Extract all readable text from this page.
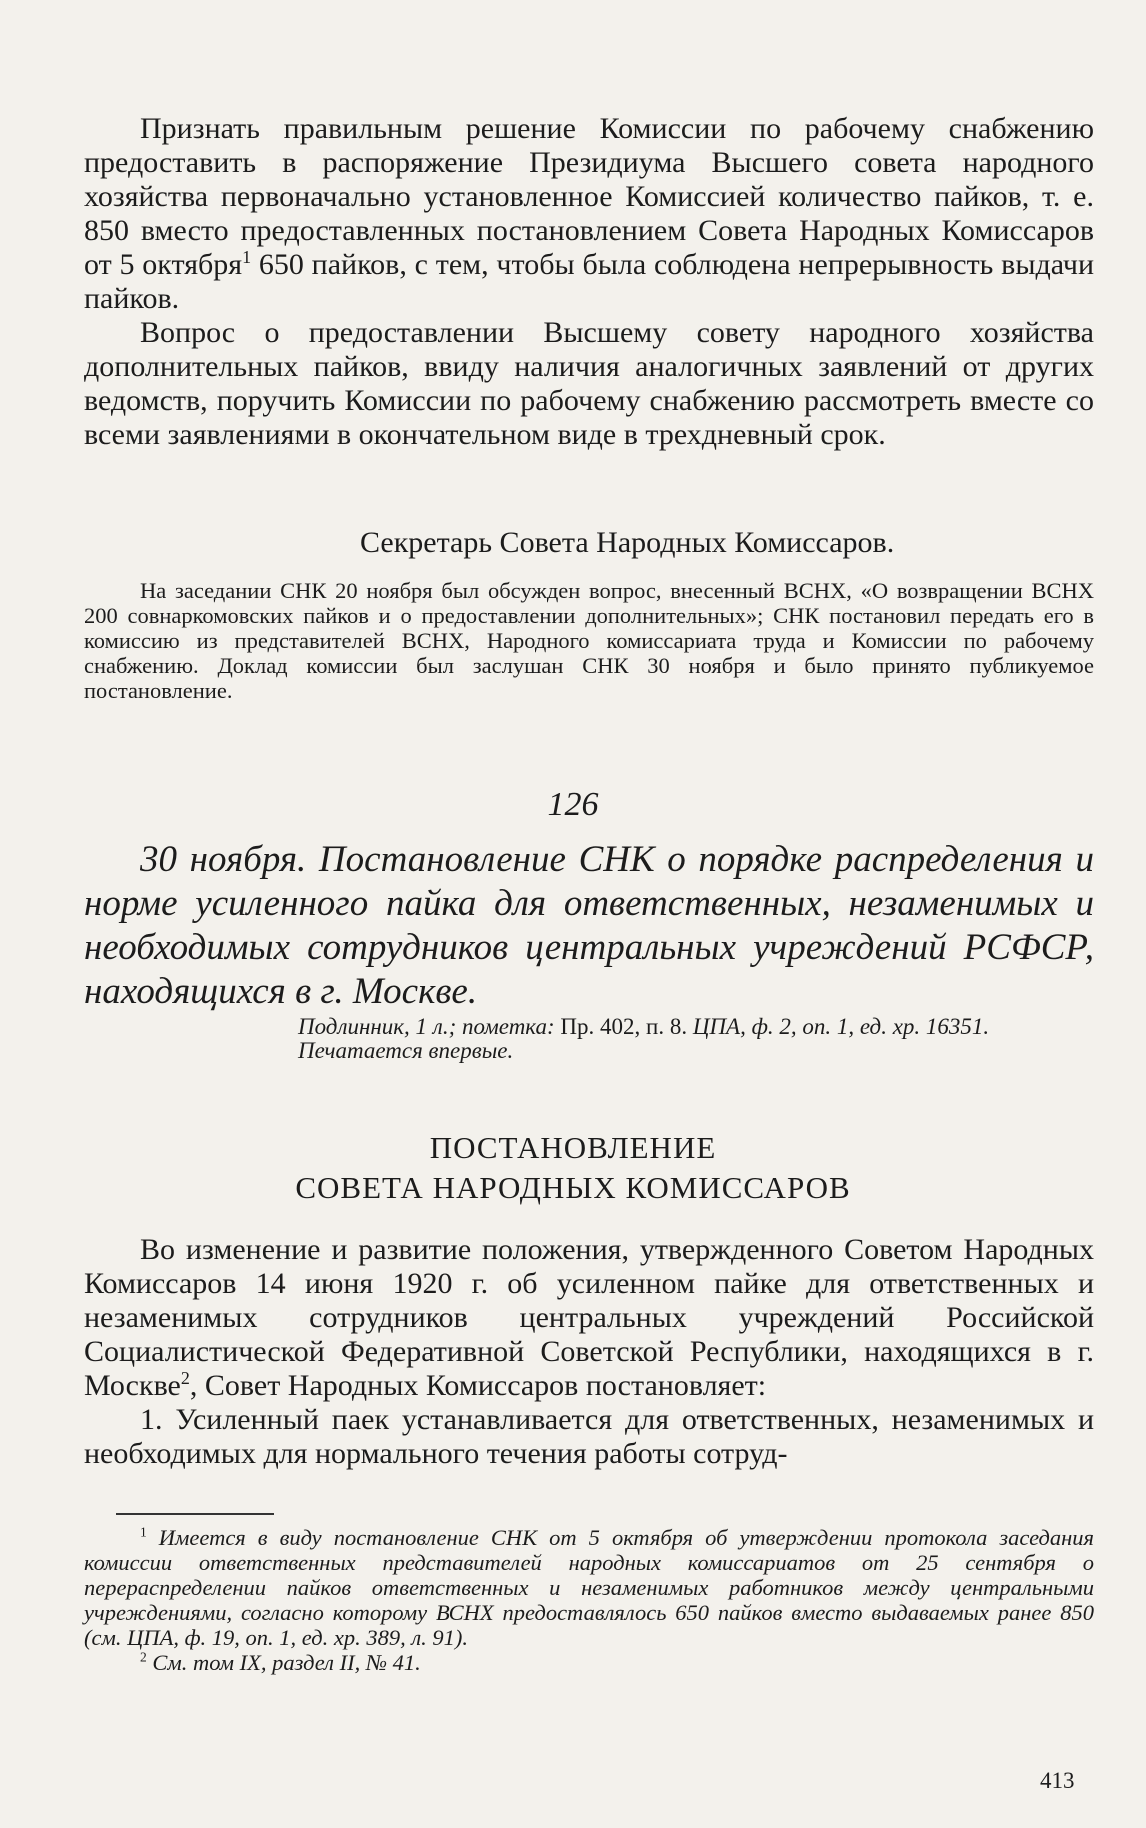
Признать правильным решение Комиссии по рабочему снабжению предоставить в распоряжение Президиума Высшего совета народного хозяйства первоначально установленное Комиссией количество пайков, т. е. 850 вместо предоставленных постановлением Совета Народных Комиссаров от 5 октября$^1$ 650 пайков, с тем, чтобы была соблюдена непрерывность выдачи пайков.

Вопрос о предоставлении Высшему совету народного хозяйства дополнительных пайков, ввиду наличия аналогичных заявлений от других ведомств, поручить Комиссии по рабочему снабжению рассмотреть вместе со всеми заявлениями в окончательном виде в трехдневный срок.

Секретарь Совета Народных Комиссаров.

На заседании СНК 20 ноября был обсужден вопрос, внесенный ВСНХ, «О возвращении ВСНХ 200 совнаркомовских пайков и о предоставлении дополнительных»; СНК постановил передать его в комиссию из представителей ВСНХ, Народного комиссариата труда и Комиссии по рабочему снабжению. Доклад комиссии был заслушан СНК 30 ноября и было принято публикуемое постановление.

126

30 ноября. Постановление СНК о порядке распределения и норме усиленного пайка для ответственных, незаменимых и необходимых сотрудников центральных учреждений РСФСР, находящихся в г. Москве.

Подлинник, 1 л.; пометка: Пр. 402, п. 8. ЦПА, ф. 2, оп. 1, ед. хр. 16351.

Печатается впервые.

ПОСТАНОВЛЕНИЕ

СОВЕТА НАРОДНЫХ КОМИССАРОВ

Во изменение и развитие положения, утвержденного Советом Народных Комиссаров 14 июня 1920 г. об усиленном пайке для ответственных и незаменимых сотрудников центральных учреждений Российской Социалистической Федеративной Советской Республики, находящихся в г. Москве$^2$, Совет Народных Комиссаров постановляет:

1. Усиленный паек устанавливается для ответственных, незаменимых и необходимых для нормального течения работы сотруд-

$^1$ Имеется в виду постановление СНК от 5 октября об утверждении протокола заседания комиссии ответственных представителей народных комиссариатов от 25 сентября о перераспределении пайков ответственных и незаменимых работников между центральными учреждениями, согласно которому ВСНХ предоставлялось 650 пайков вместо выдаваемых ранее 850 (см. ЦПА, ф. 19, оп. 1, ед. хр. 389, л. 91).

$^2$ См. том IX, раздел II, № 41.

413
